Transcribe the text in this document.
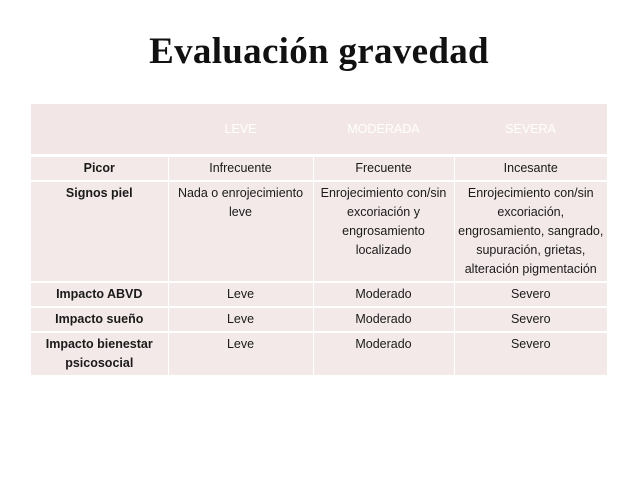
Evaluación gravedad
	LEVE	MODERADA	SEVERA
Picor	Infrecuente	Frecuente	Incesante
Signos piel	Nada o enrojecimiento leve	Enrojecimiento con/sin excoriación y engrosamiento localizado	Enrojecimiento con/sin excoriación, engrosamiento, sangrado, supuración, grietas, alteración pigmentación
Impacto ABVD	Leve	Moderado	Severo
Impacto sueño	Leve	Moderado	Severo
Impacto bienestar psicosocial	Leve	Moderado	Severo
